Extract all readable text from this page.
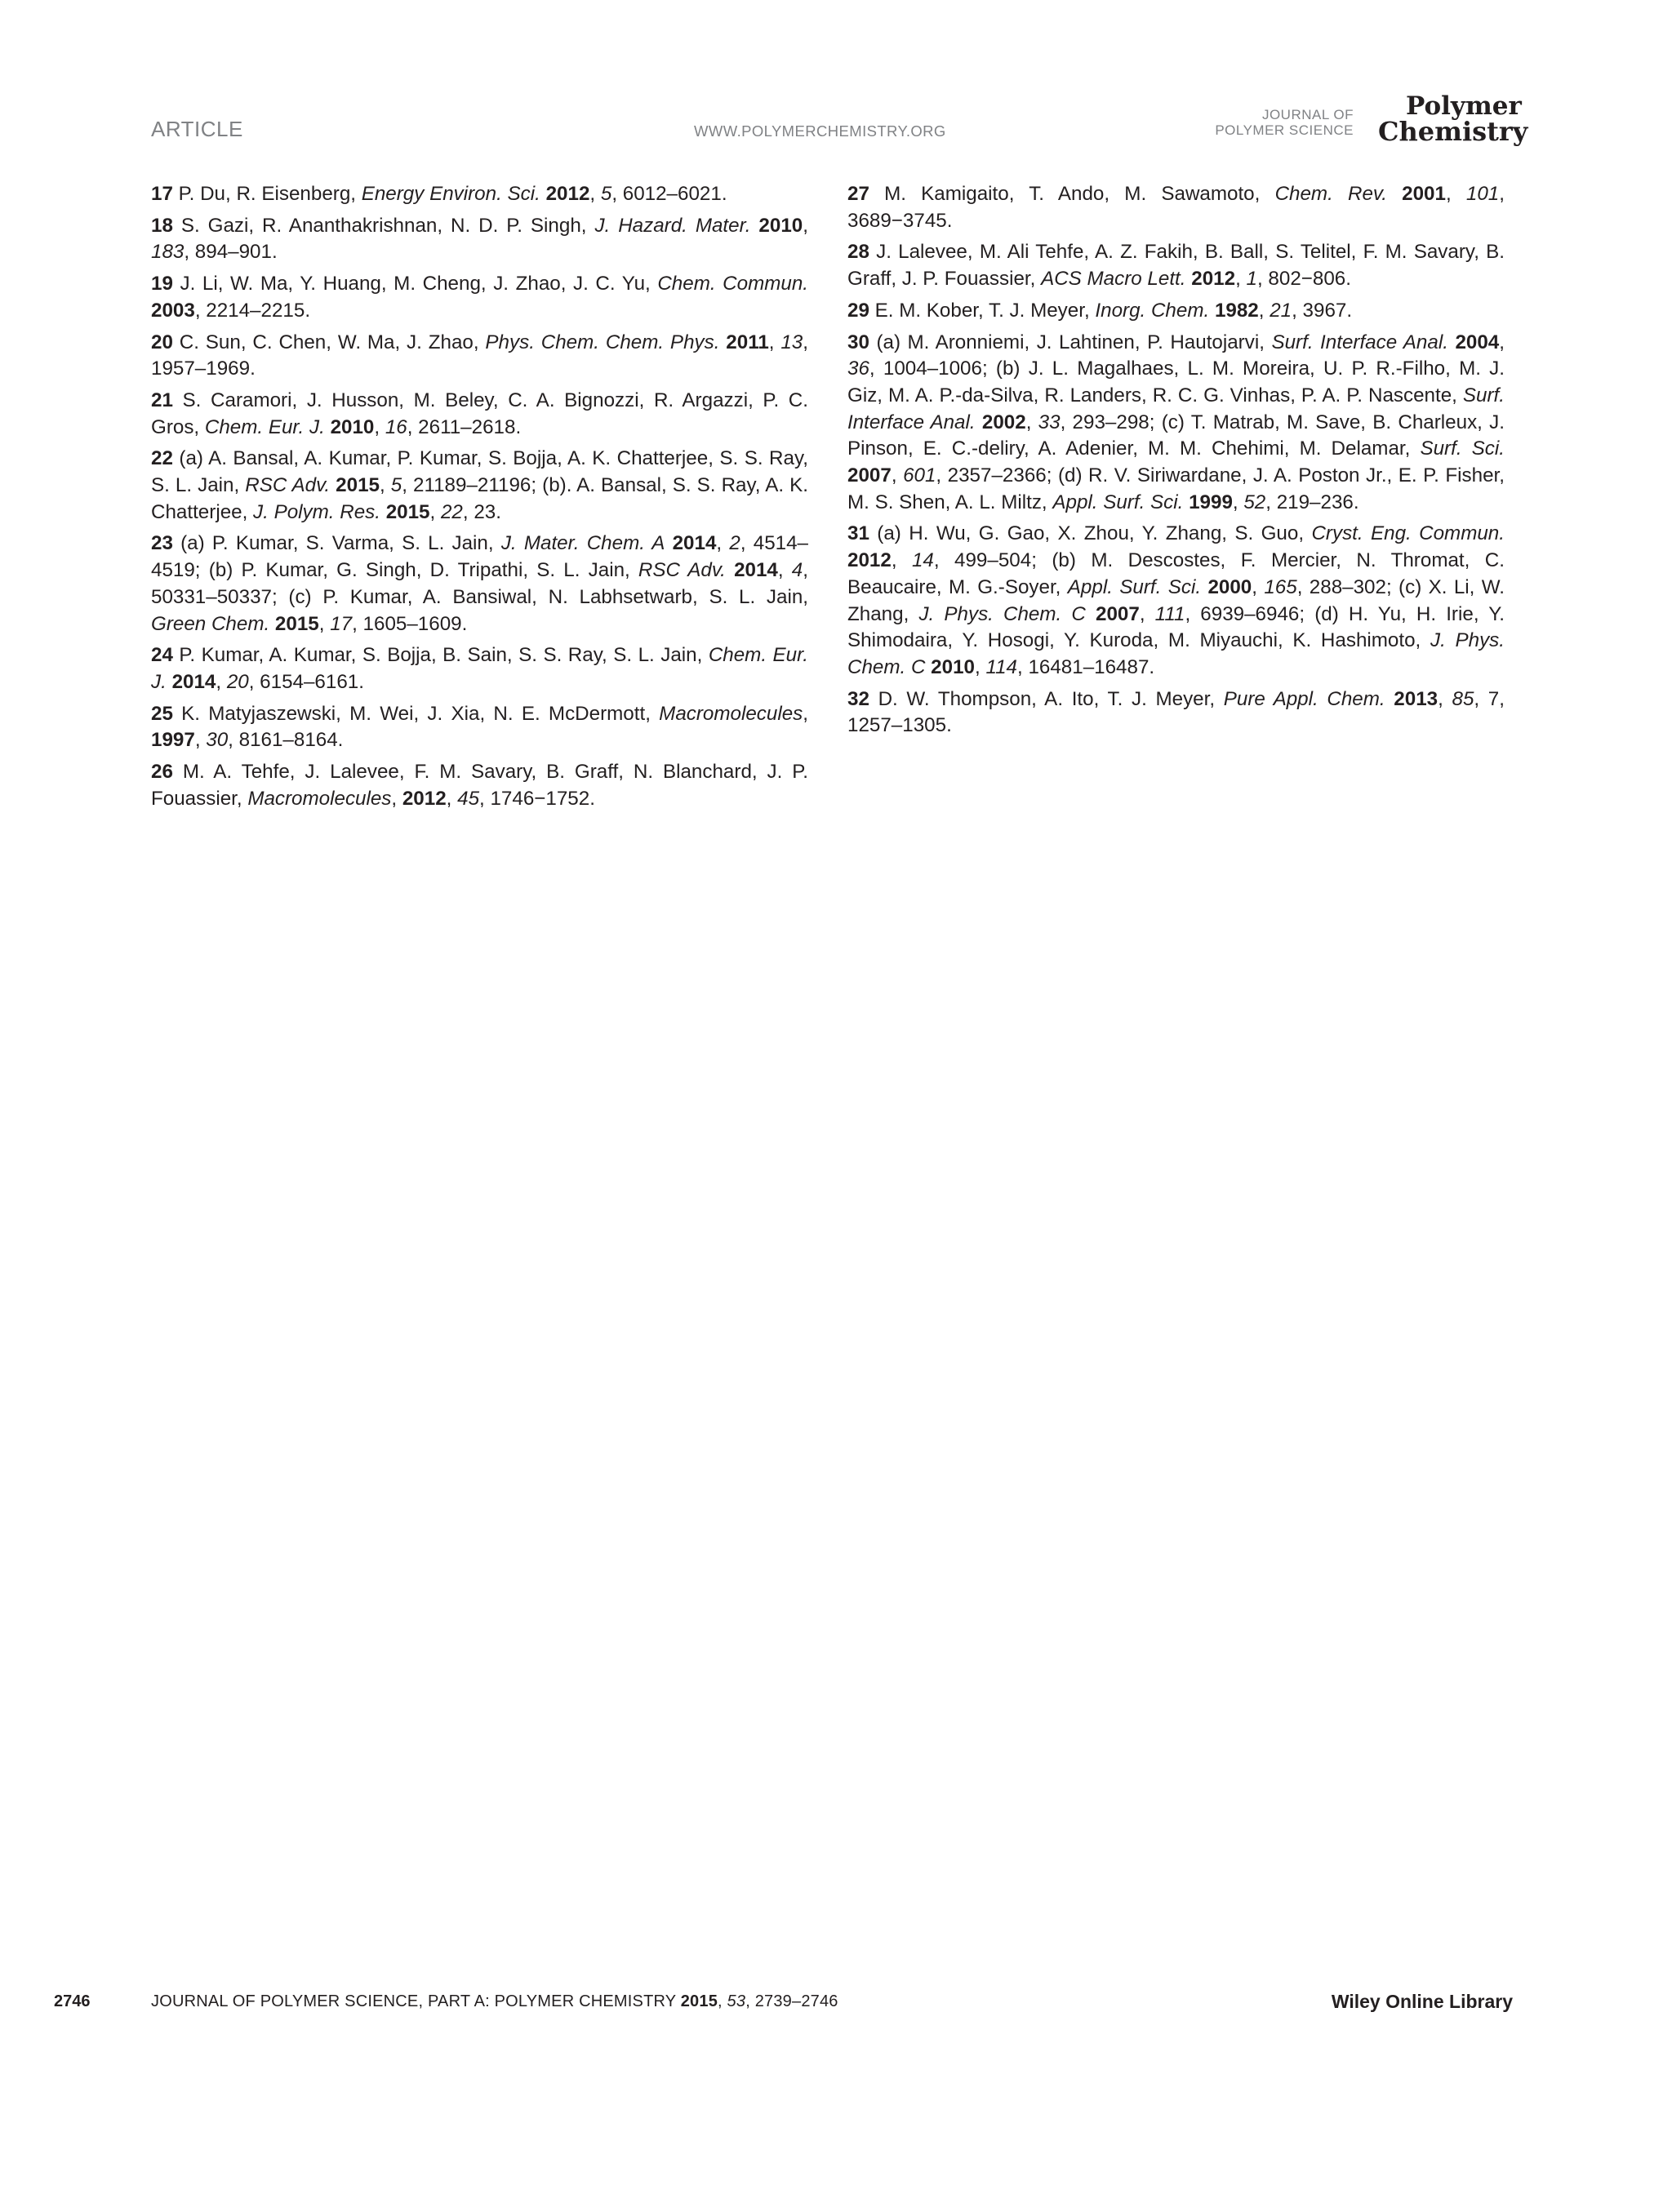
ARTICLE	WWW.POLYMERCHEMISTRY.ORG
JOURNAL OF
POLYMER SCIENCE
Polymer
Chemistry

17 P. Du, R. Eisenberg, Energy Environ. Sci. 2012, 5, 6012–6021.

18 S. Gazi, R. Ananthakrishnan, N. D. P. Singh, J. Hazard. Mater. 2010, 183, 894–901.

19 J. Li, W. Ma, Y. Huang, M. Cheng, J. Zhao, J. C. Yu, Chem. Commun. 2003, 2214–2215.

20 C. Sun, C. Chen, W. Ma, J. Zhao, Phys. Chem. Chem. Phys. 2011, 13, 1957–1969.

21 S. Caramori, J. Husson, M. Beley, C. A. Bignozzi, R. Argazzi, P. C. Gros, Chem. Eur. J. 2010, 16, 2611–2618.

22 (a) A. Bansal, A. Kumar, P. Kumar, S. Bojja, A. K. Chatterjee, S. S. Ray, S. L. Jain, RSC Adv. 2015, 5, 21189–21196; (b). A. Bansal, S. S. Ray, A. K. Chatterjee, J. Polym. Res. 2015, 22, 23.

23 (a) P. Kumar, S. Varma, S. L. Jain, J. Mater. Chem. A 2014, 2, 4514–4519; (b) P. Kumar, G. Singh, D. Tripathi, S. L. Jain, RSC Adv. 2014, 4, 50331–50337; (c) P. Kumar, A. Bansiwal, N. Labhsetwarb, S. L. Jain, Green Chem. 2015, 17, 1605–1609.

24 P. Kumar, A. Kumar, S. Bojja, B. Sain, S. S. Ray, S. L. Jain, Chem. Eur. J. 2014, 20, 6154–6161.

25 K. Matyjaszewski, M. Wei, J. Xia, N. E. McDermott, Macromolecules, 1997, 30, 8161–8164.

26 M. A. Tehfe, J. Lalevee, F. M. Savary, B. Graff, N. Blanchard, J. P. Fouassier, Macromolecules, 2012, 45, 1746−1752.

27 M. Kamigaito, T. Ando, M. Sawamoto, Chem. Rev. 2001, 101, 3689−3745.

28 J. Lalevee, M. Ali Tehfe, A. Z. Fakih, B. Ball, S. Telitel, F. M. Savary, B. Graff, J. P. Fouassier, ACS Macro Lett. 2012, 1, 802−806.

29 E. M. Kober, T. J. Meyer, Inorg. Chem. 1982, 21, 3967.

30 (a) M. Aronniemi, J. Lahtinen, P. Hautojarvi, Surf. Interface Anal. 2004, 36, 1004–1006; (b) J. L. Magalhaes, L. M. Moreira, U. P. R.-Filho, M. J. Giz, M. A. P.-da-Silva, R. Landers, R. C. G. Vinhas, P. A. P. Nascente, Surf. Interface Anal. 2002, 33, 293–298; (c) T. Matrab, M. Save, B. Charleux, J. Pinson, E. C.-deliry, A. Adenier, M. M. Chehimi, M. Delamar, Surf. Sci. 2007, 601, 2357–2366; (d) R. V. Siriwardane, J. A. Poston Jr., E. P. Fisher, M. S. Shen, A. L. Miltz, Appl. Surf. Sci. 1999, 52, 219–236.

31 (a) H. Wu, G. Gao, X. Zhou, Y. Zhang, S. Guo, Cryst. Eng. Commun. 2012, 14, 499–504; (b) M. Descostes, F. Mercier, N. Thromat, C. Beaucaire, M. G.-Soyer, Appl. Surf. Sci. 2000, 165, 288–302; (c) X. Li, W. Zhang, J. Phys. Chem. C 2007, 111, 6939–6946; (d) H. Yu, H. Irie, Y. Shimodaira, Y. Hosogi, Y. Kuroda, M. Miyauchi, K. Hashimoto, J. Phys. Chem. C 2010, 114, 16481–16487.

32 D. W. Thompson, A. Ito, T. J. Meyer, Pure Appl. Chem. 2013, 85, 7, 1257–1305.

2746	JOURNAL OF POLYMER SCIENCE, PART A: POLYMER CHEMISTRY 2015, 53, 2739–2746	Wiley Online Library
